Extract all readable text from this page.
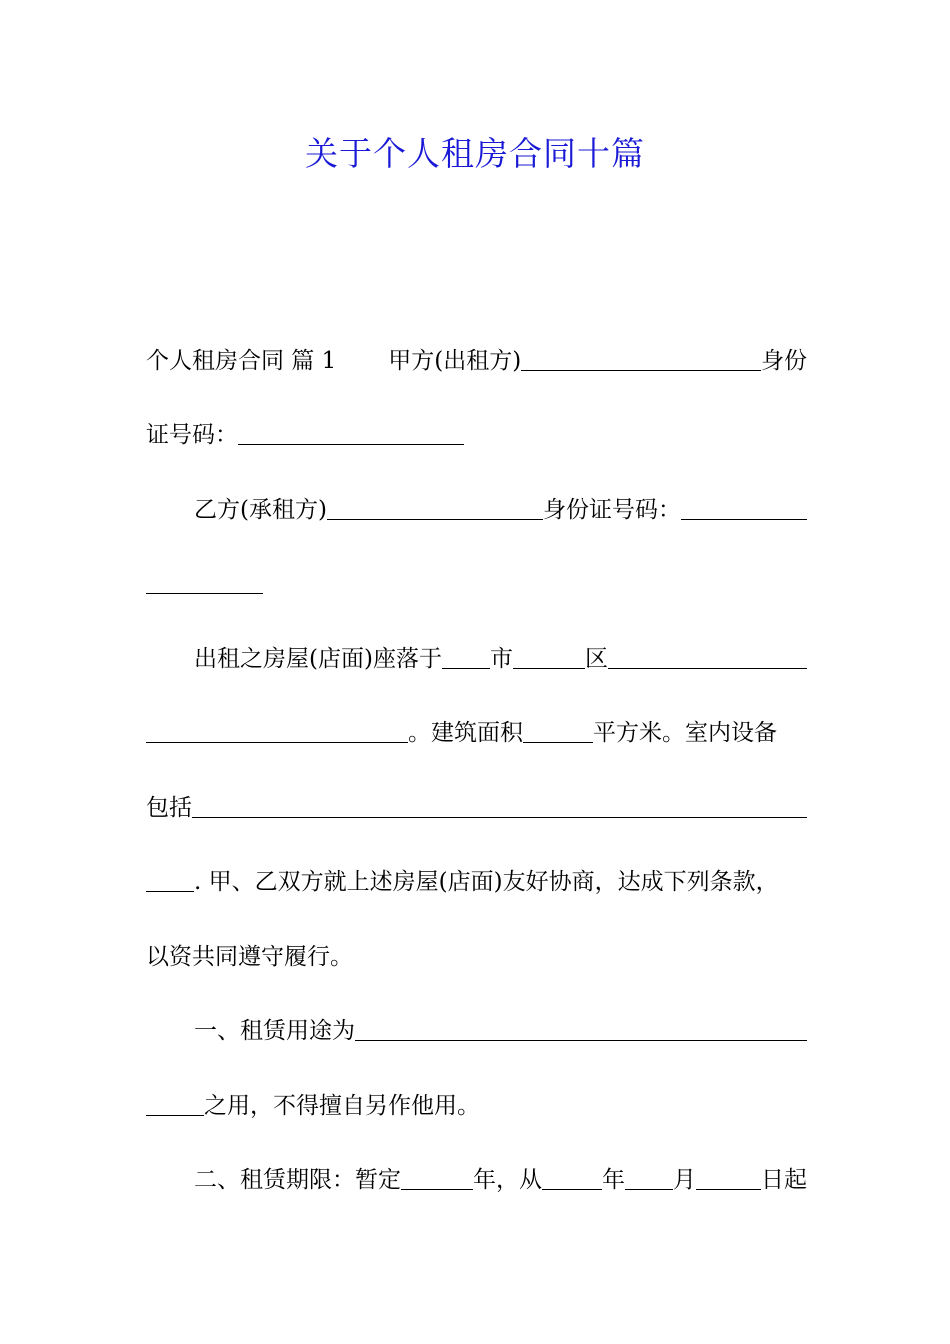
关于个人租房合同十篇
个人租房合同 篇 1 甲方(出租方)	身份
证号码：
乙方(承租方)	身份证号码：
出租之房屋(店面)座落于 市	区
。建筑面积	平方米。室内设备
包括
. 甲、乙双方就上述房屋(店面)友好协商，达成下列条款，
以资共同遵守履行。
一、租赁用途为
之用，不得擅自另作他用。
二、租赁期限：暂定	年，从	年 月	日起
